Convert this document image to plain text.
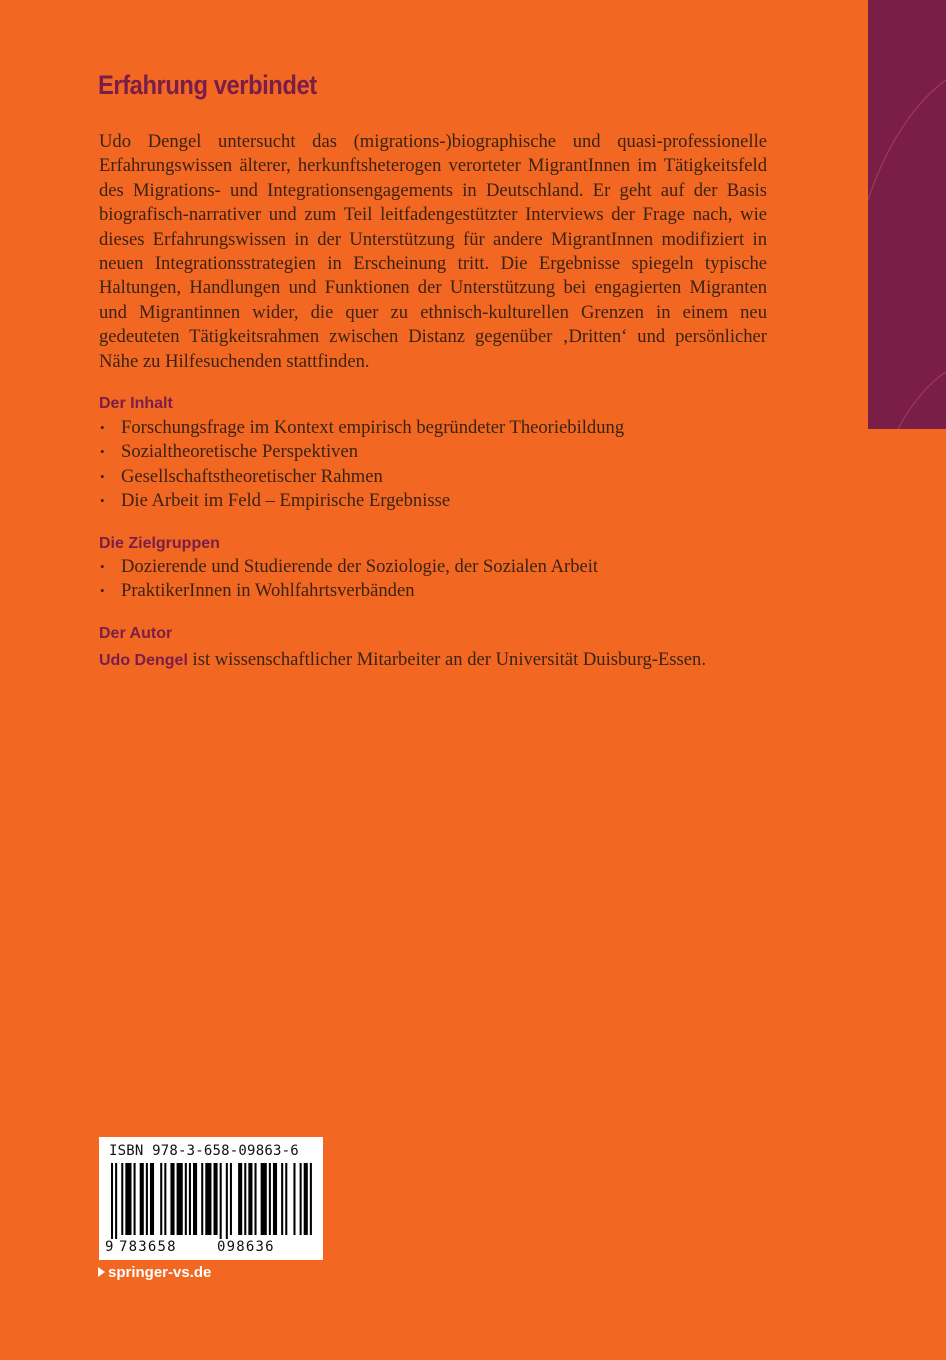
Erfahrung verbindet

Udo Dengel untersucht das (migrations-)biographische und quasi-professionelle Erfahrungswissen älterer, herkunftsheterogen verorteter MigrantInnen im Tätigkeitsfeld des Migrations- und Integrationsengagements in Deutschland. Er geht auf der Basis biografisch-narrativer und zum Teil leitfadengestützter Interviews der Frage nach, wie dieses Erfahrungswissen in der Unterstützung für andere MigrantInnen modifiziert in neuen Integrationsstrategien in Erscheinung tritt. Die Ergebnisse spiegeln typische Haltungen, Handlungen und Funktionen der Unterstützung bei engagierten Migranten und Migrantinnen wider, die quer zu ethnisch-kulturellen Grenzen in einem neu gedeuteten Tätigkeitsrahmen zwischen Distanz gegenüber ‚Dritten‘ und persönlicher Nähe zu Hilfesuchenden stattfinden.

Der Inhalt
• Forschungsfrage im Kontext empirisch begründeter Theoriebildung
• Sozialtheoretische Perspektiven
• Gesellschaftstheoretischer Rahmen
• Die Arbeit im Feld – Empirische Ergebnisse
Die Zielgruppen
• Dozierende und Studierende der Soziologie, der Sozialen Arbeit
• PraktikerInnen in Wohlfahrtsverbänden
Der Autor

Udo Dengel ist wissenschaftlicher Mitarbeiter an der Universität Duisburg-Essen.

ISBN 978-3-658-09863-6
9 783658	098636
springer-vs.de
